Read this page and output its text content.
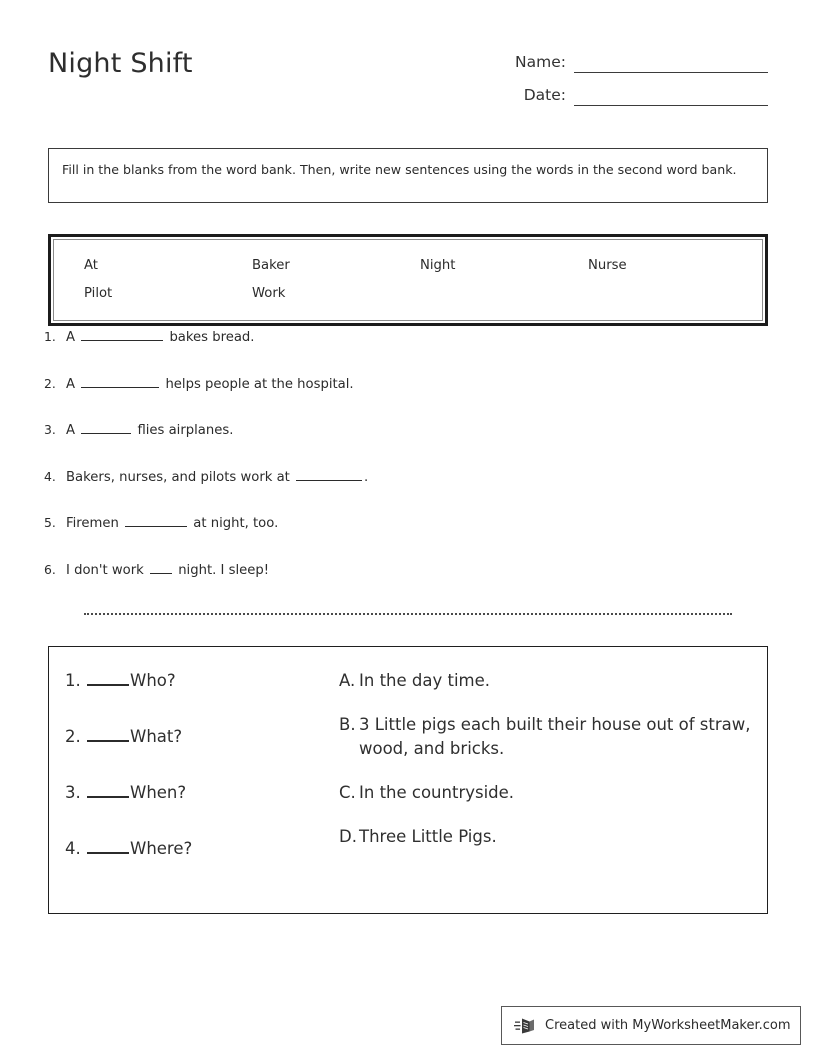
Night Shift	Name:
Date:
Fill in the blanks from the word bank. Then, write new sentences using the words in the second word bank.
At	Baker	Night	Nurse
Pilot	Work
1. A	bakes bread.
2. A	helps people at the hospital.
3. A	flies airplanes.
4. Bakers, nurses, and pilots work at	.
5. Firemen	at night, too.
6. I don't work	night. I sleep!
1.	Who?
2.	What?
3.	When?
4.	Where?
A. In the day time.
B. 3 Little pigs each built their house out of straw, wood, and bricks.
C. In the countryside.
D. Three Little Pigs.
Created with MyWorksheetMaker.com
